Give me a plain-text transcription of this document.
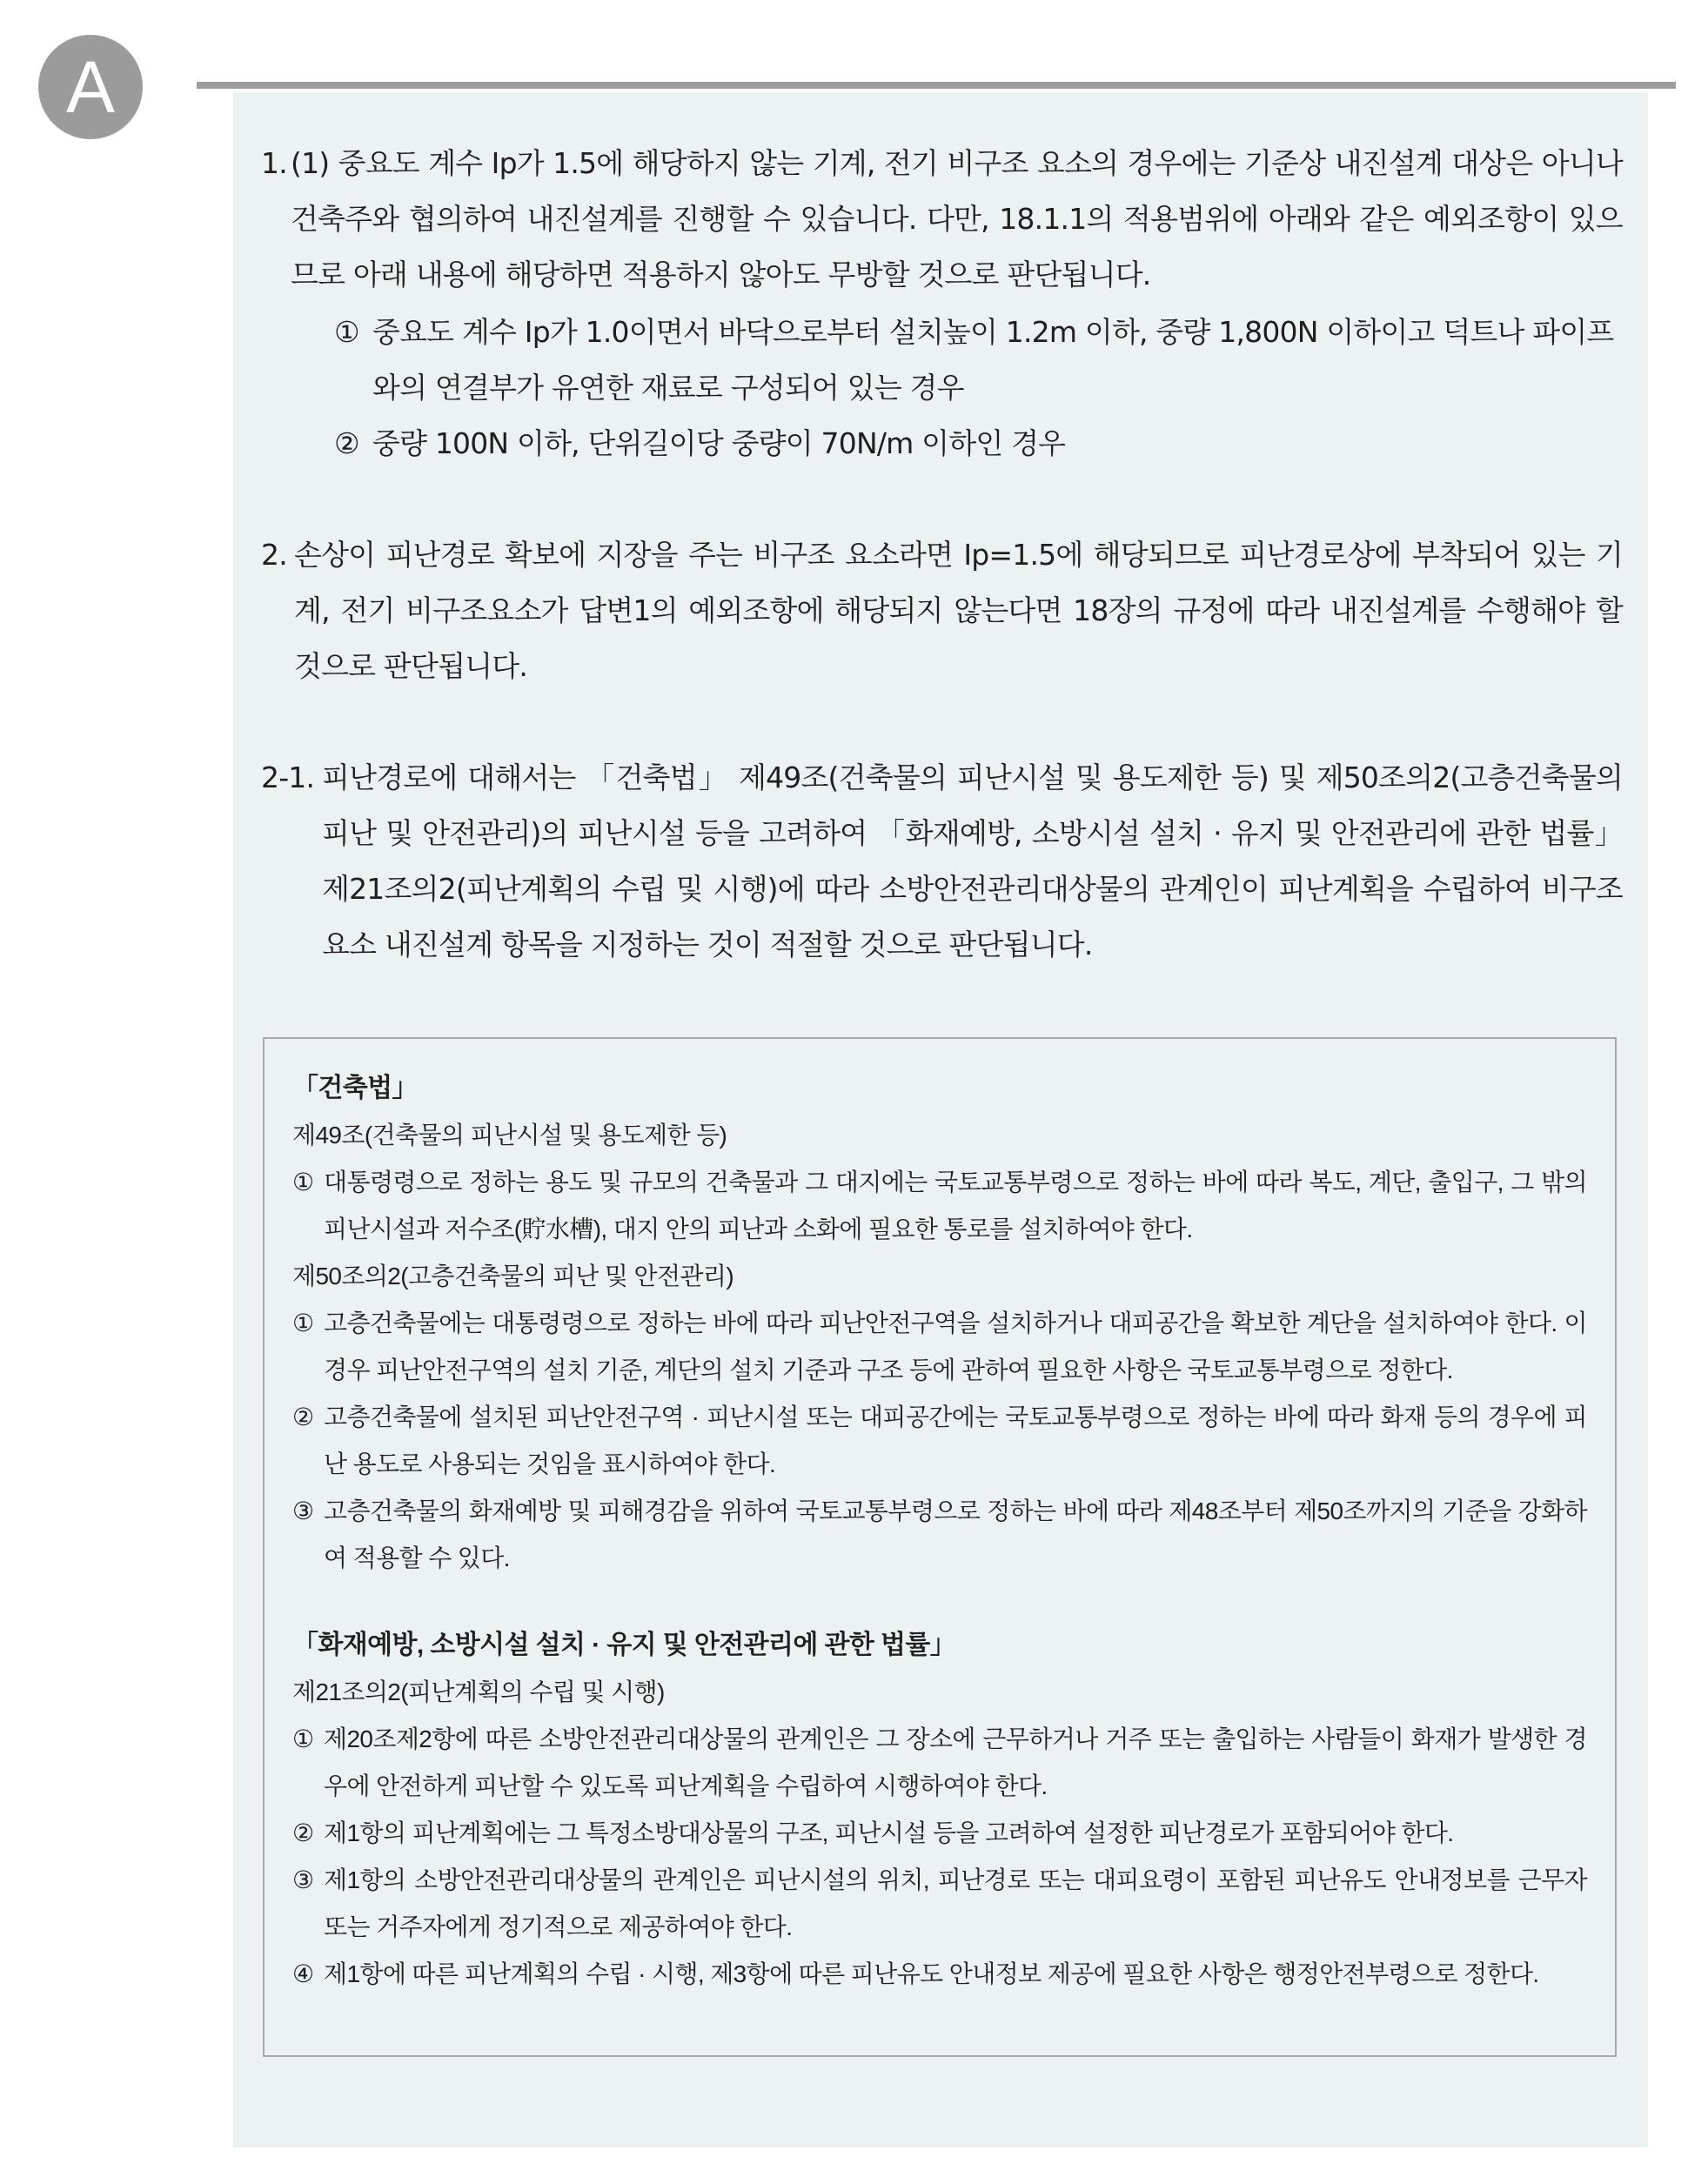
A
1. (1) 중요도 계수 Ip가 1.5에 해당하지 않는 기계, 전기 비구조 요소의 경우에는 기준상 내진설계 대상은 아니나 건축주와 협의하여 내진설계를 진행할 수 있습니다. 다만, 18.1.1의 적용범위에 아래와 같은 예외조항이 있으므로 아래 내용에 해당하면 적용하지 않아도 무방할 것으로 판단됩니다.
① 중요도 계수 Ip가 1.0이면서 바닥으로부터 설치높이 1.2m 이하, 중량 1,800N 이하이고 덕트나 파이프와의 연결부가 유연한 재료로 구성되어 있는 경우
② 중량 100N 이하, 단위길이당 중량이 70N/m 이하인 경우
2. 손상이 피난경로 확보에 지장을 주는 비구조 요소라면 Ip=1.5에 해당되므로 피난경로상에 부착되어 있는 기계, 전기 비구조요소가 답변1의 예외조항에 해당되지 않는다면 18장의 규정에 따라 내진설계를 수행해야 할 것으로 판단됩니다.
2-1. 피난경로에 대해서는 「건축법」 제49조(건축물의 피난시설 및 용도제한 등) 및 제50조의2(고층건축물의 피난 및 안전관리)의 피난시설 등을 고려하여 「화재예방, 소방시설 설치 · 유지 및 안전관리에 관한 법률」 제21조의2(피난계획의 수립 및 시행)에 따라 소방안전관리대상물의 관계인이 피난계획을 수립하여 비구조요소 내진설계 항목을 지정하는 것이 적절할 것으로 판단됩니다.
「건축법」
제49조(건축물의 피난시설 및 용도제한 등)
① 대통령령으로 정하는 용도 및 규모의 건축물과 그 대지에는 국토교통부령으로 정하는 바에 따라 복도, 계단, 출입구, 그 밖의 피난시설과 저수조(貯水槽), 대지 안의 피난과 소화에 필요한 통로를 설치하여야 한다.
제50조의2(고층건축물의 피난 및 안전관리)
① 고층건축물에는 대통령령으로 정하는 바에 따라 피난안전구역을 설치하거나 대피공간을 확보한 계단을 설치하여야 한다. 이 경우 피난안전구역의 설치 기준, 계단의 설치 기준과 구조 등에 관하여 필요한 사항은 국토교통부령으로 정한다.
② 고층건축물에 설치된 피난안전구역 · 피난시설 또는 대피공간에는 국토교통부령으로 정하는 바에 따라 화재 등의 경우에 피난 용도로 사용되는 것임을 표시하여야 한다.
③ 고층건축물의 화재예방 및 피해경감을 위하여 국토교통부령으로 정하는 바에 따라 제48조부터 제50조까지의 기준을 강화하여 적용할 수 있다.
「화재예방, 소방시설 설치 · 유지 및 안전관리에 관한 법률」
제21조의2(피난계획의 수립 및 시행)
① 제20조제2항에 따른 소방안전관리대상물의 관계인은 그 장소에 근무하거나 거주 또는 출입하는 사람들이 화재가 발생한 경우에 안전하게 피난할 수 있도록 피난계획을 수립하여 시행하여야 한다.
② 제1항의 피난계획에는 그 특정소방대상물의 구조, 피난시설 등을 고려하여 설정한 피난경로가 포함되어야 한다.
③ 제1항의 소방안전관리대상물의 관계인은 피난시설의 위치, 피난경로 또는 대피요령이 포함된 피난유도 안내정보를 근무자 또는 거주자에게 정기적으로 제공하여야 한다.
④ 제1항에 따른 피난계획의 수립 · 시행, 제3항에 따른 피난유도 안내정보 제공에 필요한 사항은 행정안전부령으로 정한다.
